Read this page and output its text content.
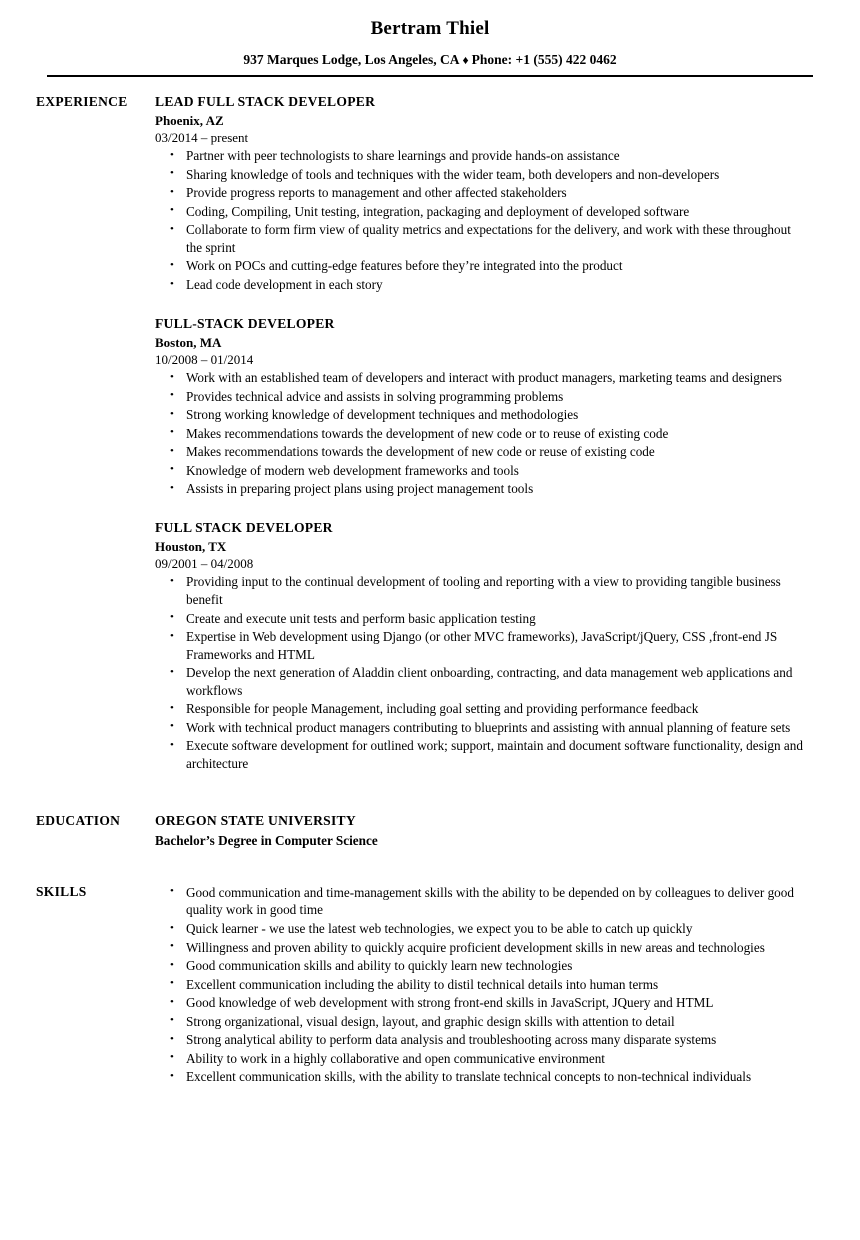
Bertram Thiel
937 Marques Lodge, Los Angeles, CA ♦ Phone: +1 (555) 422 0462
EXPERIENCE	LEAD FULL STACK DEVELOPER
Phoenix, AZ
03/2014 – present
• Partner with peer technologists to share learnings and provide hands-on assistance
• Sharing knowledge of tools and techniques with the wider team, both developers and non-developers
• Provide progress reports to management and other affected stakeholders
• Coding, Compiling, Unit testing, integration, packaging and deployment of developed software
• Collaborate to form firm view of quality metrics and expectations for the delivery, and work with these throughout the sprint
• Work on POCs and cutting-edge features before they’re integrated into the product
• Lead code development in each story
FULL-STACK DEVELOPER
Boston, MA
10/2008 – 01/2014
• Work with an established team of developers and interact with product managers, marketing teams and designers
• Provides technical advice and assists in solving programming problems
• Strong working knowledge of development techniques and methodologies
• Makes recommendations towards the development of new code or to reuse of existing code
• Makes recommendations towards the development of new code or reuse of existing code
• Knowledge of modern web development frameworks and tools
• Assists in preparing project plans using project management tools
FULL STACK DEVELOPER
Houston, TX
09/2001 – 04/2008
• Providing input to the continual development of tooling and reporting with a view to providing tangible business benefit
• Create and execute unit tests and perform basic application testing
• Expertise in Web development using Django (or other MVC frameworks), JavaScript/jQuery, CSS ,front-end JS Frameworks and HTML
• Develop the next generation of Aladdin client onboarding, contracting, and data management web applications and workflows
• Responsible for people Management, including goal setting and providing performance feedback
• Work with technical product managers contributing to blueprints and assisting with annual planning of feature sets
• Execute software development for outlined work; support, maintain and document software functionality, design and architecture
EDUCATION	OREGON STATE UNIVERSITY
Bachelor’s Degree in Computer Science
SKILLS	• Good communication and time-management skills with the ability to be depended on by colleagues to deliver good quality work in good time
• Quick learner - we use the latest web technologies, we expect you to be able to catch up quickly
• Willingness and proven ability to quickly acquire proficient development skills in new areas and technologies
• Good communication skills and ability to quickly learn new technologies
• Excellent communication including the ability to distil technical details into human terms
• Good knowledge of web development with strong front-end skills in JavaScript, JQuery and HTML
• Strong organizational, visual design, layout, and graphic design skills with attention to detail
• Strong analytical ability to perform data analysis and troubleshooting across many disparate systems
• Ability to work in a highly collaborative and open communicative environment
• Excellent communication skills, with the ability to translate technical concepts to non-technical individuals
